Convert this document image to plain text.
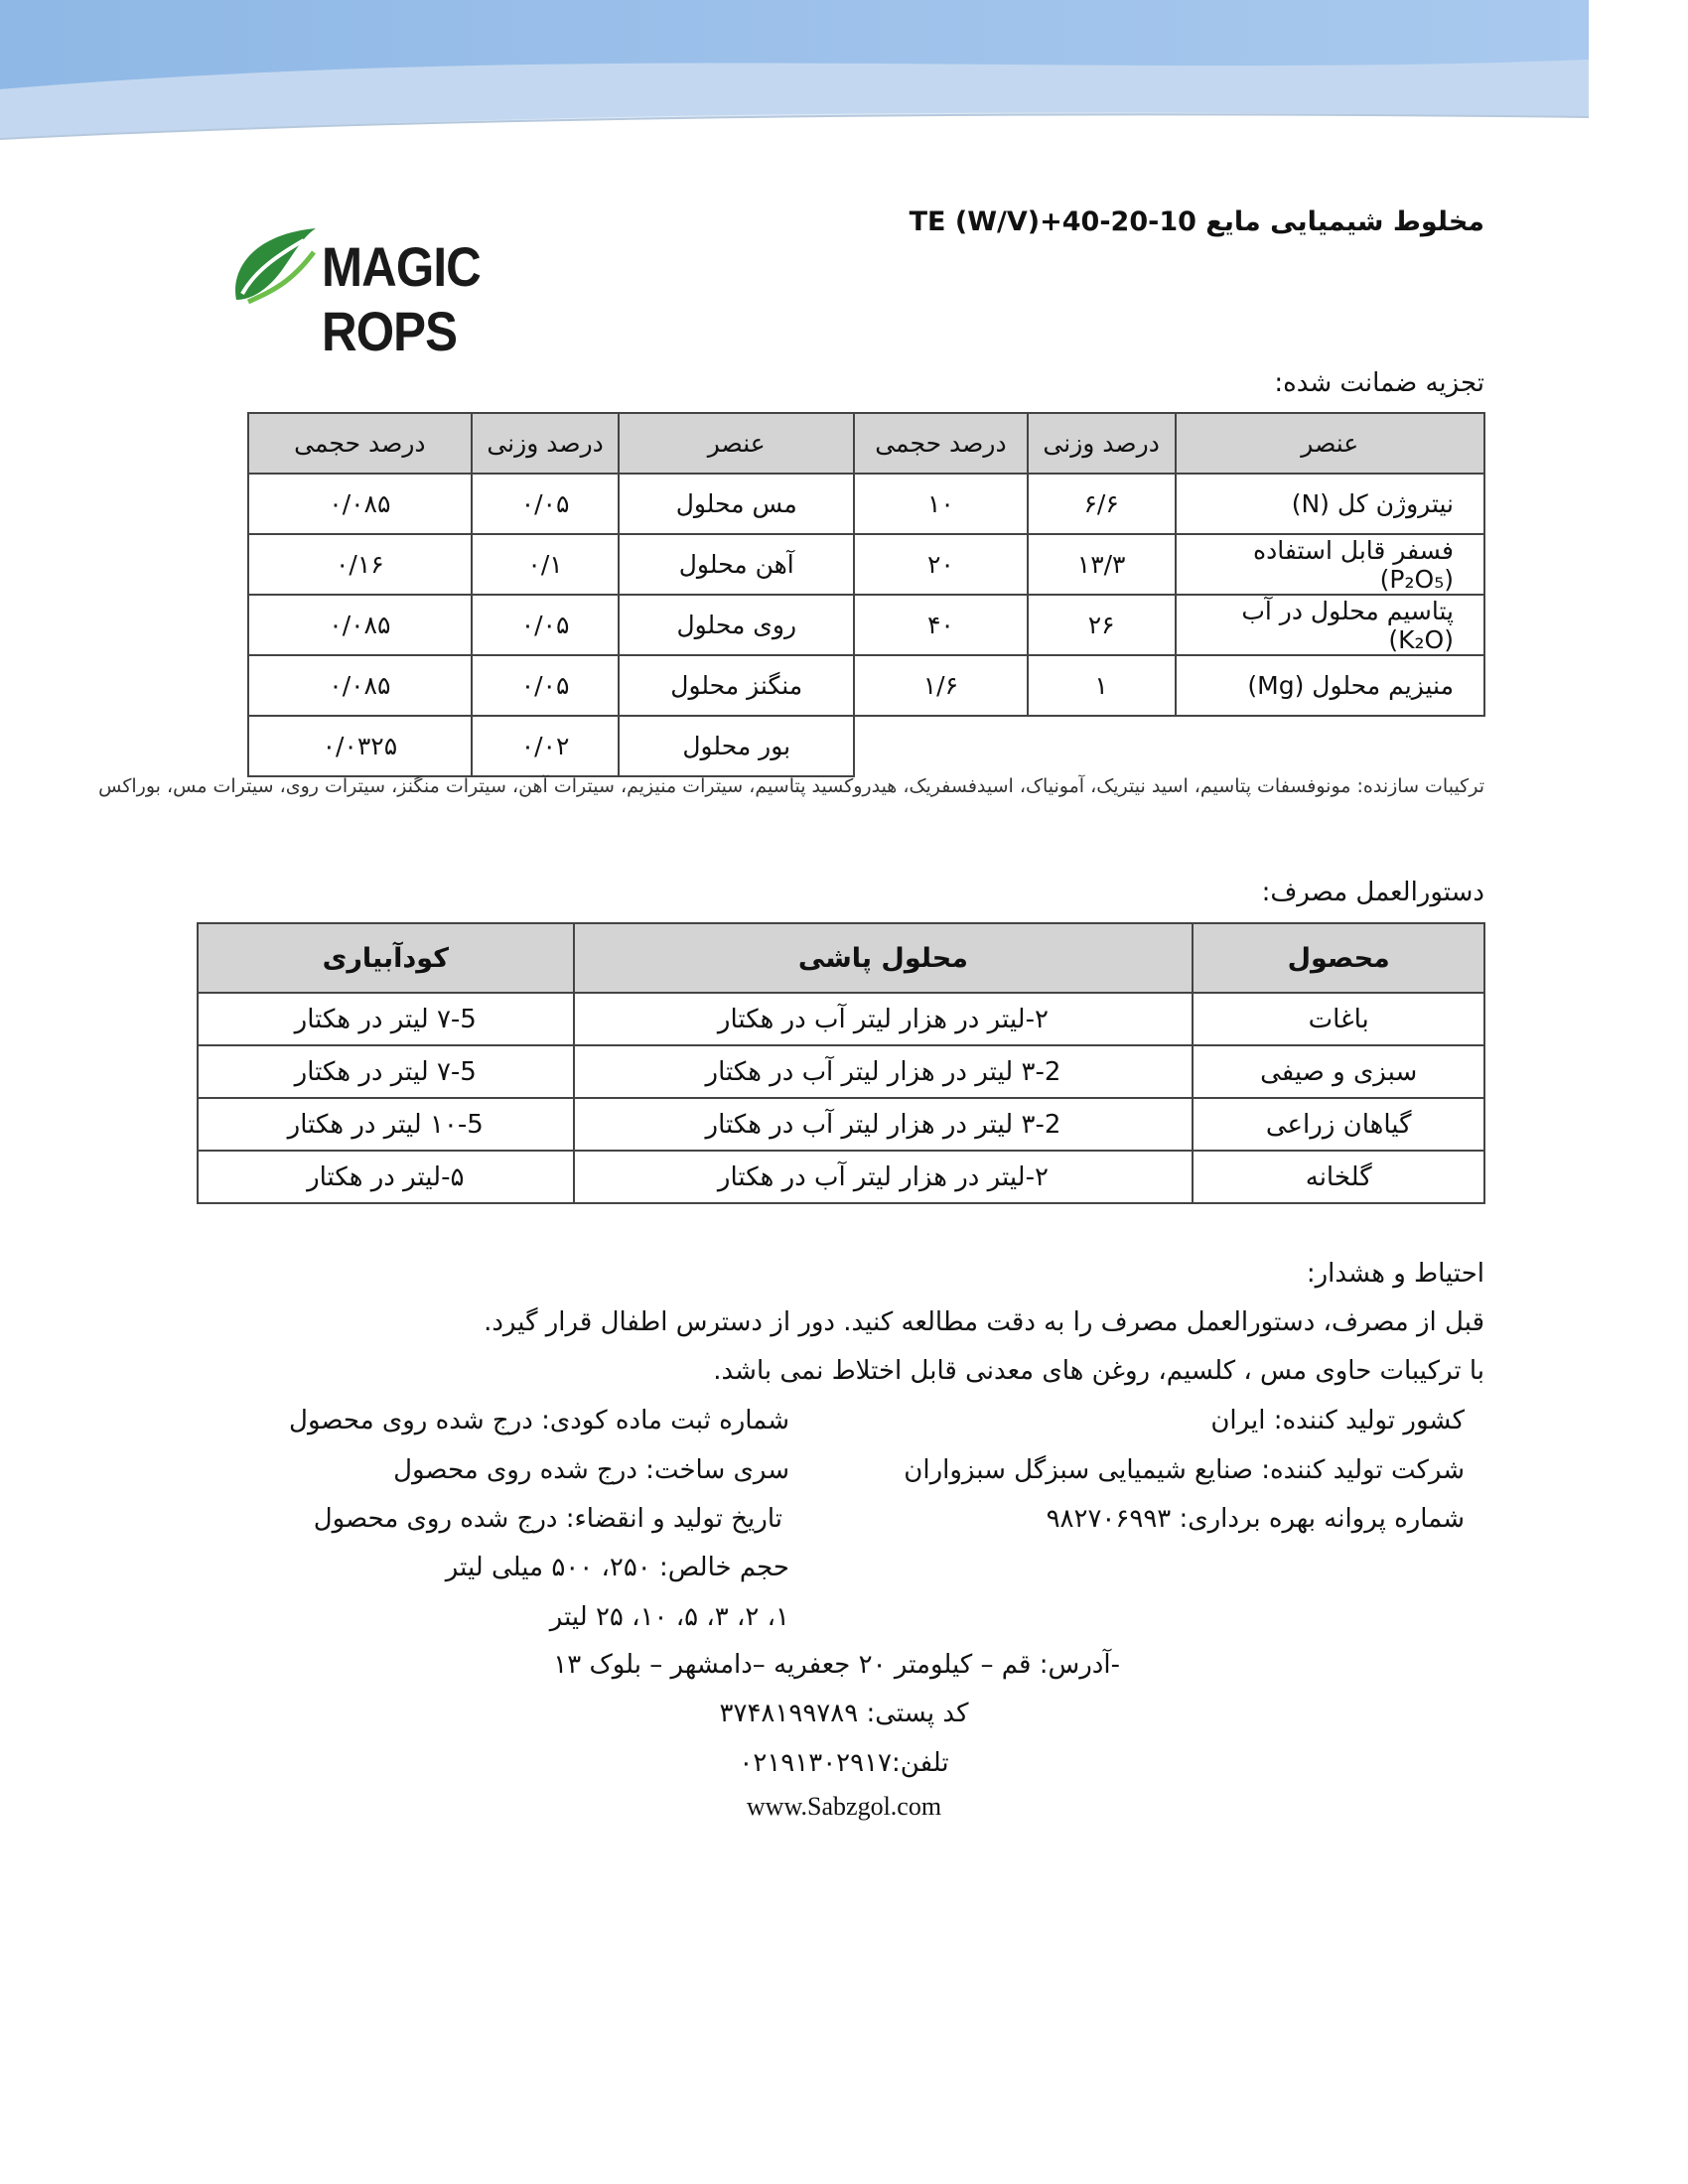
MAGIC ROPS
مخلوط شیمیایی مایع 10-20-40+TE (W/V)
تجزیه ضمانت شده:
عنصر	درصد وزنی	درصد حجمی	عنصر	درصد وزنی	درصد حجمی
نیتروژن کل (N)	۶/۶	۱۰	مس محلول	۰/۰۵	۰/۰۸۵
فسفر قابل استفاده (P₂O₅)	۱۳/۳	۲۰	آهن محلول	۰/۱	۰/۱۶
پتاسیم محلول در آب (K₂O)	۲۶	۴۰	روی محلول	۰/۰۵	۰/۰۸۵
منیزیم محلول (Mg)	۱	۱/۶	منگنز محلول	۰/۰۵	۰/۰۸۵
			بور محلول	۰/۰۲	۰/۰۳۲۵
ترکیبات سازنده: مونوفسفات پتاسیم، اسید نیتریک، آمونیاک، اسیدفسفریک، هیدروکسید پتاسیم، سیترات منیزیم، سیترات آهن، سیترات منگنز، سیترات روی، سیترات مس، بوراکس
دستورالعمل مصرف:
محصول	محلول پاشی	کودآبیاری
باغات	۲-لیتر در هزار لیتر آب در هکتار	۷-5 لیتر در هکتار
سبزی و صیفی	۳-2 لیتر در هزار لیتر آب در هکتار	۷-5 لیتر در هکتار
گیاهان زراعی	۳-2 لیتر در هزار لیتر آب در هکتار	۱۰-5 لیتر در هکتار
گلخانه	۲-لیتر در هزار لیتر آب در هکتار	۵-لیتر در هکتار
احتیاط و هشدار:
قبل از مصرف، دستورالعمل مصرف را به دقت مطالعه کنید. دور از دسترس اطفال قرار گیرد.
با ترکیبات حاوی مس ، کلسیم، روغن های معدنی قابل اختلاط نمی باشد.
کشور تولید کننده: ایران
شرکت تولید کننده: صنایع شیمیایی سبزگل سبزواران
شماره پروانه بهره برداری: ۹۸۲۷۰۶۹۹۳
شماره ثبت ماده کودی: درج شده روی محصول
سری ساخت: درج شده روی محصول
تاریخ تولید و انقضاء: درج شده روی محصول
حجم خالص: ۲۵۰، ۵۰۰ میلی لیتر
۱، ۲، ۳، ۵، ۱۰، ۲۵ لیتر
-آدرس: قم – کیلومتر ۲۰ جعفریه –دامشهر – بلوک ۱۳
کد پستی: ۳۷۴۸۱۹۹۷۸۹
تلفن:۰۲۱۹۱۳۰۲۹۱۷
www.Sabzgol.com
